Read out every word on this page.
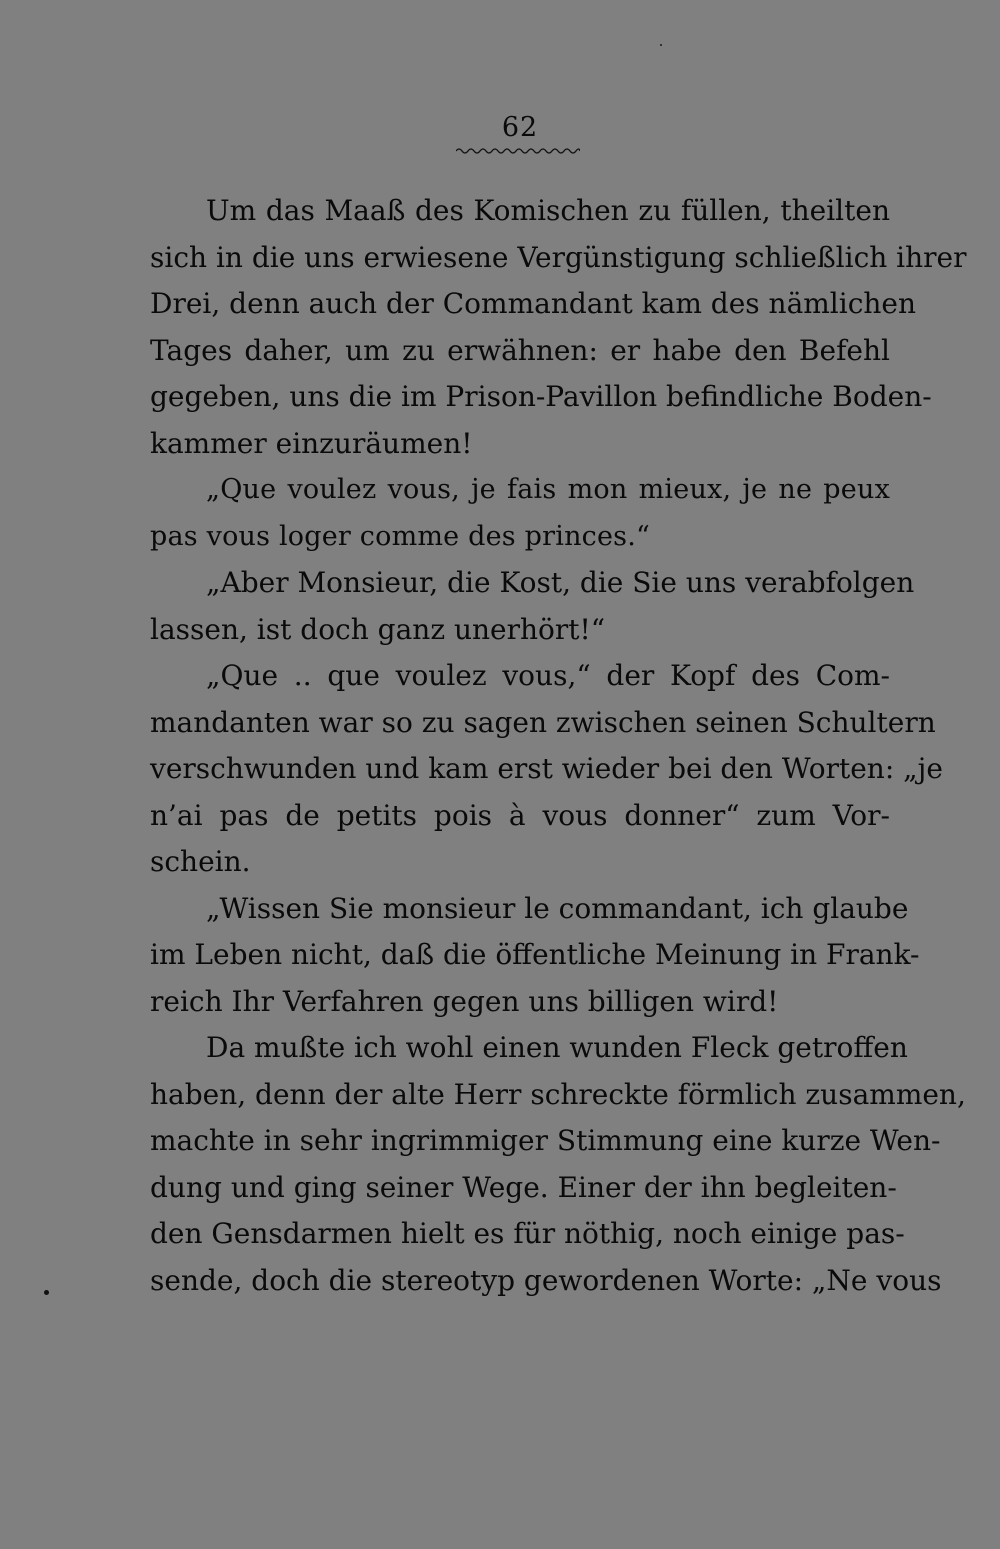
62
Um das Maaß des Komischen zu füllen, theilten
sich in die uns erwiesene Vergünstigung schließlich ihrer
Drei, denn auch der Commandant kam des nämlichen
Tages daher, um zu erwähnen: er habe den Befehl
gegeben, uns die im Prison-Pavillon befindliche Boden-
kammer einzuräumen!
„Que voulez vous, je fais mon mieux, je ne peux
pas vous loger comme des princes.“
„Aber Monsieur, die Kost, die Sie uns verabfolgen
lassen, ist doch ganz unerhört!“
„Que .. que voulez vous,“ der Kopf des Com-
mandanten war so zu sagen zwischen seinen Schultern
verschwunden und kam erst wieder bei den Worten: „je
n’ai pas de petits pois à vous donner“ zum Vor-
schein.
„Wissen Sie monsieur le commandant, ich glaube
im Leben nicht, daß die öffentliche Meinung in Frank-
reich Ihr Verfahren gegen uns billigen wird!
Da mußte ich wohl einen wunden Fleck getroffen
haben, denn der alte Herr schreckte förmlich zusammen,
machte in sehr ingrimmiger Stimmung eine kurze Wen-
dung und ging seiner Wege. Einer der ihn begleiten-
den Gensdarmen hielt es für nöthig, noch einige pas-
sende, doch die stereotyp gewordenen Worte: „Ne vous
